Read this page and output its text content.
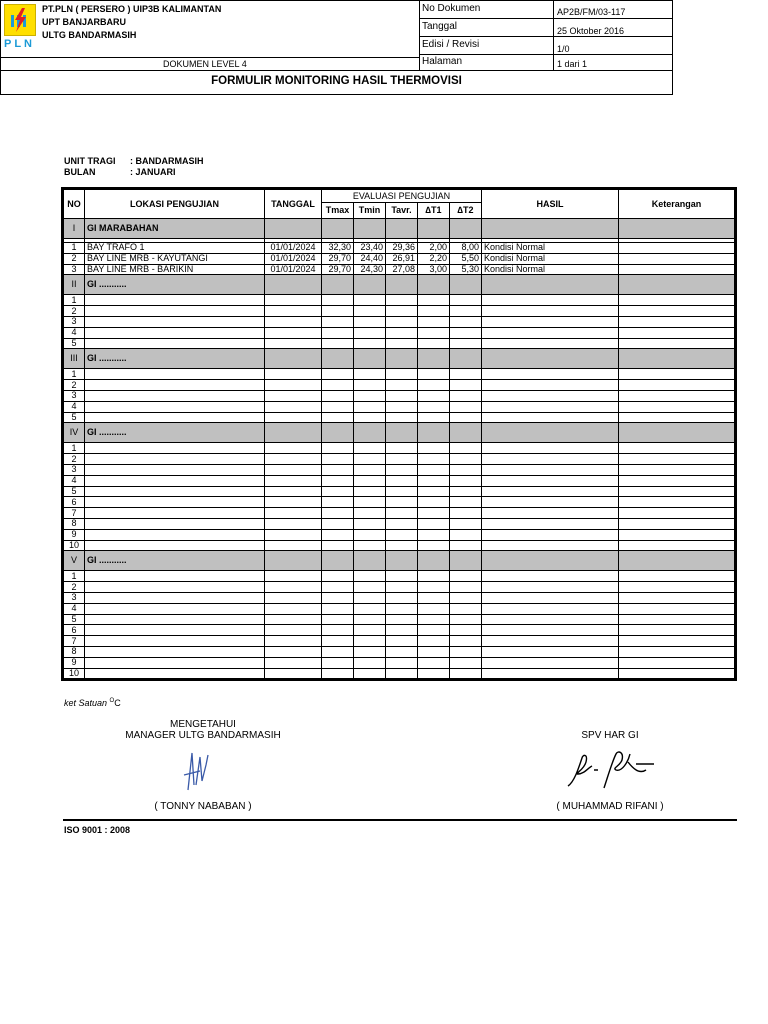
PLN
PT.PLN ( PERSERO ) UIP3B KALIMANTAN
UPT BANJARBARU
ULTG BANDARMASIH
DOKUMEN LEVEL 4
No Dokumen	AP2B/FM/03-117
Tanggal	25 Oktober 2016
Edisi / Revisi	1/0
Halaman	1 dari 1
FORMULIR MONITORING HASIL THERMOVISI
UNIT TRAGI : BANDARMASIH
BULAN	: JANUARI
NO	LOKASI PENGUJIAN	TANGGAL	EVALUASI PENGUJIAN					HASIL	Keterangan
			Tmax	Tmin	Tavr.	∆T1	∆T2		
I	GI MARABAHAN								

1	BAY TRAFO 1	01/01/2024	32,30	23,40	29,36	2,00	8,00	Kondisi Normal	
2	BAY LINE MRB - KAYUTANGI	01/01/2024	29,70	24,40	26,91	2,20	5,50	Kondisi Normal	
3	BAY LINE MRB - BARIKIN	01/01/2024	29,70	24,30	27,08	3,00	5,30	Kondisi Normal	
II	GI ...........								
1									
2									
3									
4									
5									
III	GI ...........								
1									
2									
3									
4									
5									
IV	GI ...........								
1									
2									
3									
4									
5									
6									
7									
8									
9									
10									
V	GI ...........								
1									
2									
3									
4									
5									
6									
7									
8									
9									
10									
ket Satuan $^O$C
MENGETAHUI
MANAGER ULTG BANDARMASIH
( TONNY NABABAN )
SPV HAR GI
( MUHAMMAD RIFANI )
ISO 9001 : 2008
